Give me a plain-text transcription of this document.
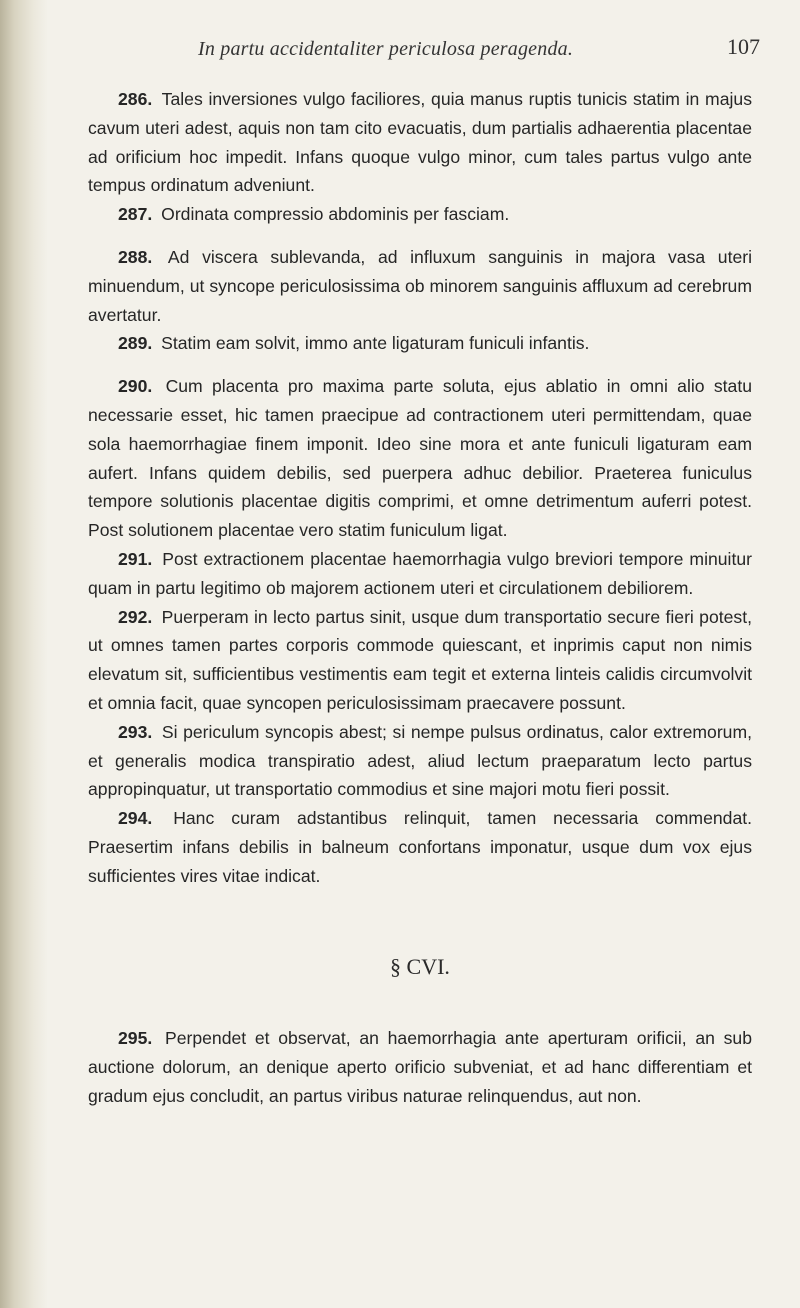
In partu accidentaliter periculosa peragenda.	107

286. Tales inversiones vulgo faciliores, quia manus ruptis tunicis statim in majus cavum uteri adest, aquis non tam cito evacuatis, dum partialis adhaerentia placentae ad orificium hoc impedit. Infans quoque vulgo minor, cum tales partus vulgo ante tempus ordinatum adveniunt.

287. Ordinata compressio abdominis per fasciam.

288. Ad viscera sublevanda, ad influxum sanguinis in majora vasa uteri minuendum, ut syncope periculosissima ob minorem sanguinis affluxum ad cerebrum avertatur.

289. Statim eam solvit, immo ante ligaturam funiculi infantis.

290. Cum placenta pro maxima parte soluta, ejus ablatio in omni alio statu necessarie esset, hic tamen praecipue ad contractionem uteri permittendam, quae sola haemorrhagiae finem imponit. Ideo sine mora et ante funiculi ligaturam eam aufert. Infans quidem debilis, sed puerpera adhuc debilior. Praeterea funiculus tempore solutionis placentae digitis comprimi, et omne detrimentum auferri potest. Post solutionem placentae vero statim funiculum ligat.

291. Post extractionem placentae haemorrhagia vulgo breviori tempore minuitur quam in partu legitimo ob majorem actionem uteri et circulationem debiliorem.

292. Puerperam in lecto partus sinit, usque dum transportatio secure fieri potest, ut omnes tamen partes corporis commode quiescant, et inprimis caput non nimis elevatum sit, sufficientibus vestimentis eam tegit et externa linteis calidis circumvolvit et omnia facit, quae syncopen periculosissimam praecavere possunt.

293. Si periculum syncopis abest; si nempe pulsus ordinatus, calor extremorum, et generalis modica transpiratio adest, aliud lectum praeparatum lecto partus appropinquatur, ut transportatio commodius et sine majori motu fieri possit.

294. Hanc curam adstantibus relinquit, tamen necessaria commendat. Praesertim infans debilis in balneum confortans imponatur, usque dum vox ejus sufficientes vires vitae indicat.

§ CVI.

295. Perpendet et observat, an haemorrhagia ante aperturam orificii, an sub auctione dolorum, an denique aperto orificio subveniat, et ad hanc differentiam et gradum ejus concludit, an partus viribus naturae relinquendus, aut non.
